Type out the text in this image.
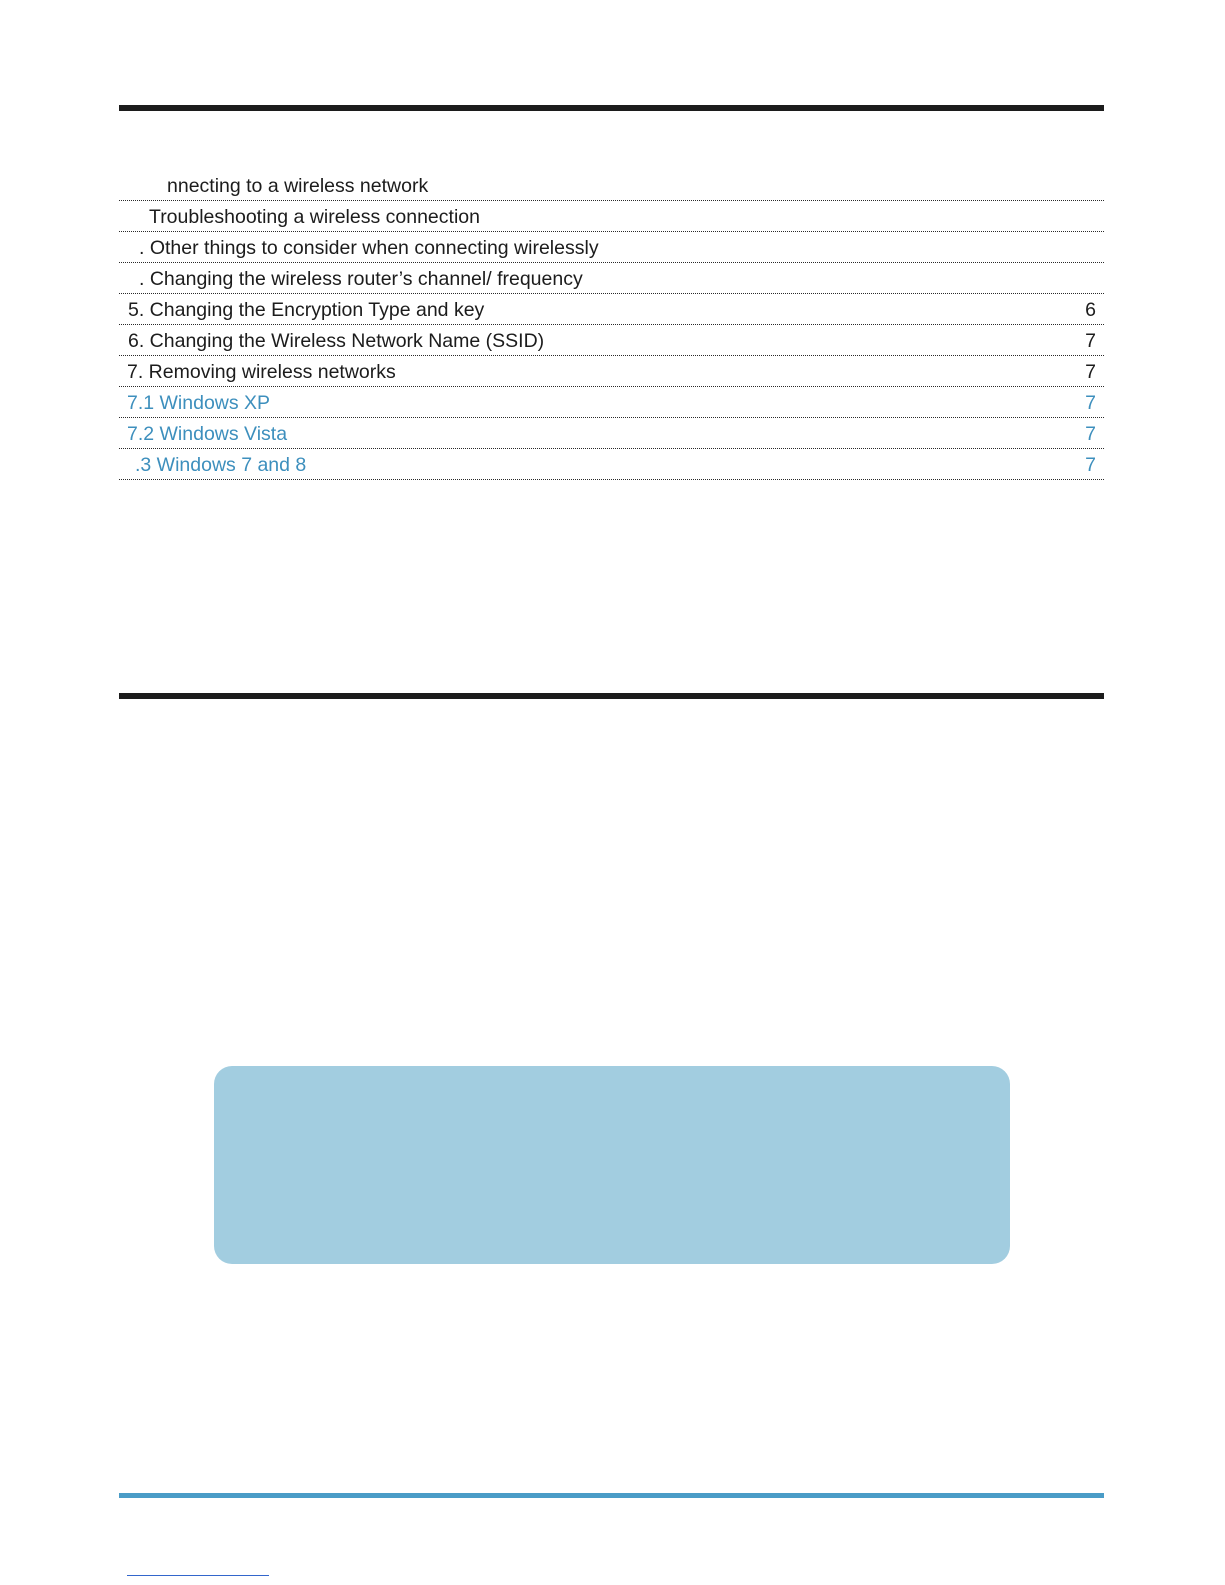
nnecting to a wireless network
Troubleshooting a wireless connection
. Other things to consider when connecting wirelessly
. Changing the wireless router’s channel/ frequency
5. Changing the Encryption Type and key	6
6. Changing the Wireless Network Name (SSID)	7
7. Removing wireless networks	7
7.1 Windows XP	7
7.2 Windows Vista	7
.3 Windows 7 and 8	7
